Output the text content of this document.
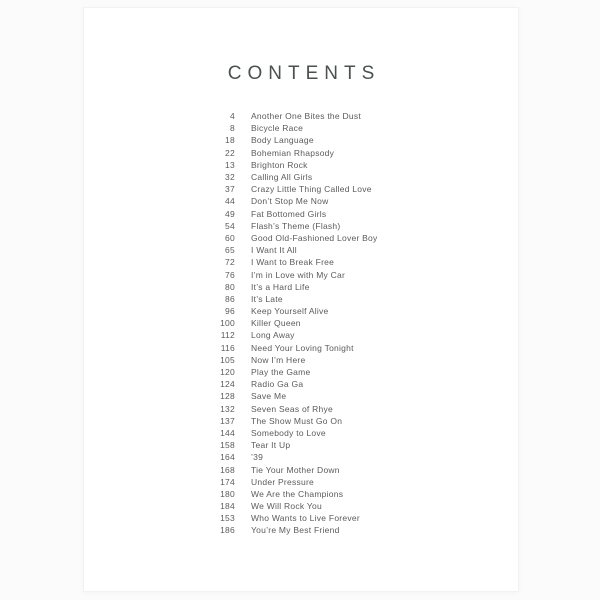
CONTENTS
4 Another One Bites the Dust
8 Bicycle Race
18 Body Language
22 Bohemian Rhapsody
13 Brighton Rock
32 Calling All Girls
37 Crazy Little Thing Called Love
44 Don’t Stop Me Now
49 Fat Bottomed Girls
54 Flash’s Theme (Flash)
60 Good Old-Fashioned Lover Boy
65 I Want It All
72 I Want to Break Free
76 I’m in Love with My Car
80 It’s a Hard Life
86 It’s Late
96 Keep Yourself Alive
100 Killer Queen
112 Long Away
116 Need Your Loving Tonight
105 Now I’m Here
120 Play the Game
124 Radio Ga Ga
128 Save Me
132 Seven Seas of Rhye
137 The Show Must Go On
144 Somebody to Love
158 Tear It Up
164 ’39
168 Tie Your Mother Down
174 Under Pressure
180 We Are the Champions
184 We Will Rock You
153 Who Wants to Live Forever
186 You’re My Best Friend
